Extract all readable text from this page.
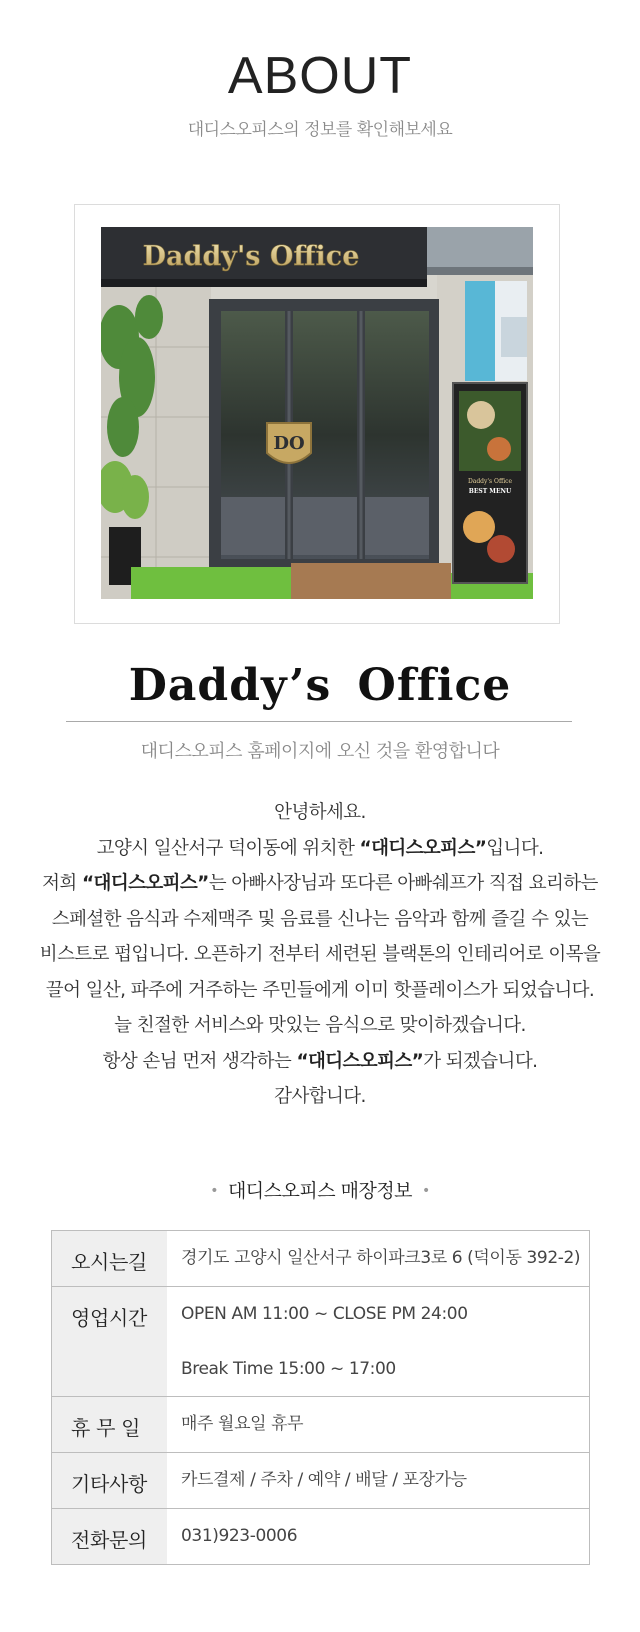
ABOUT
대디스오피스의 정보를 확인해보세요
DO
Daddy's Office
BEST MENU
Daddy's Office
Daddy’s Office
대디스오피스 홈페이지에 오신 것을 환영합니다

안녕하세요.

고양시 일산서구 덕이동에 위치한 “대디스오피스”입니다.

저희 “대디스오피스”는 아빠사장님과 또다른 아빠쉐프가 직접 요리하는

스페셜한 음식과 수제맥주 및 음료를 신나는 음악과 함께 즐길 수 있는

비스트로 펍입니다. 오픈하기 전부터 세련된 블랙톤의 인테리어로 이목을

끌어 일산, 파주에 거주하는 주민들에게 이미 핫플레이스가 되었습니다.

늘 친절한 서비스와 맛있는 음식으로 맞이하겠습니다.

항상 손님 먼저 생각하는 “대디스오피스”가 되겠습니다.

감사합니다.

• 대디스오피스 매장정보 •
오시는길	경기도 고양시 일산서구 하이파크3로 6 (덕이동 392-2)
영업시간	OPEN AM 11:00 ~ CLOSE PM 24:00
Break Time 15:00 ~ 17:00
휴 무 일	매주 월요일 휴무
기타사항	카드결제 / 주차 / 예약 / 배달 / 포장가능
전화문의	031)923-0006
